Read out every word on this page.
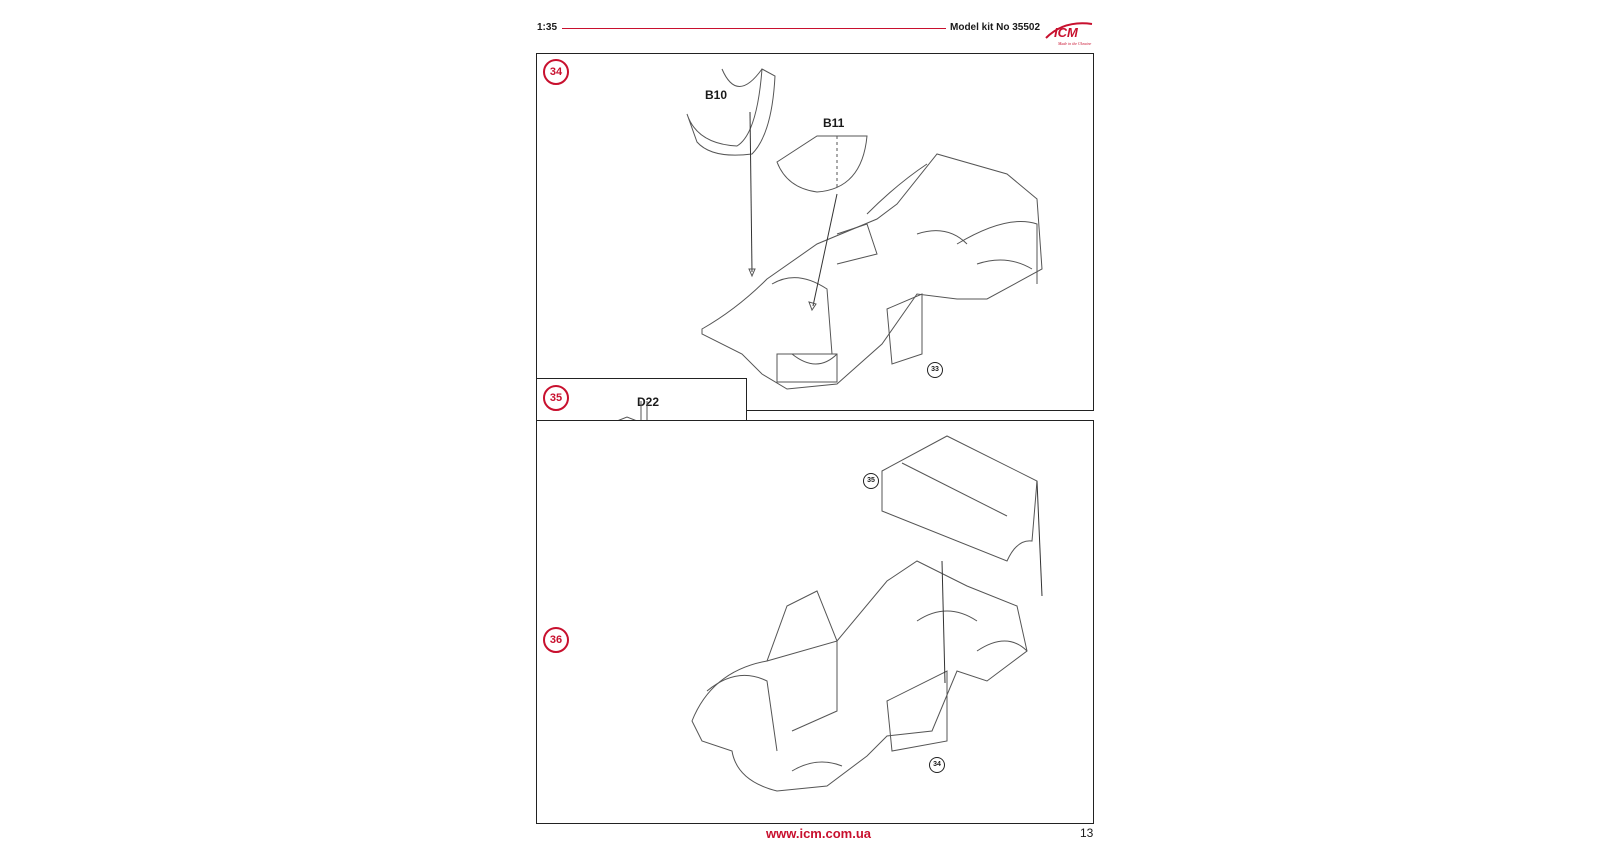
1:35	Model kit No 35502 ICM
Made in the Ukraine
34
B10
B11
33
35	D22
36
35
34
www.icm.com.ua	13
